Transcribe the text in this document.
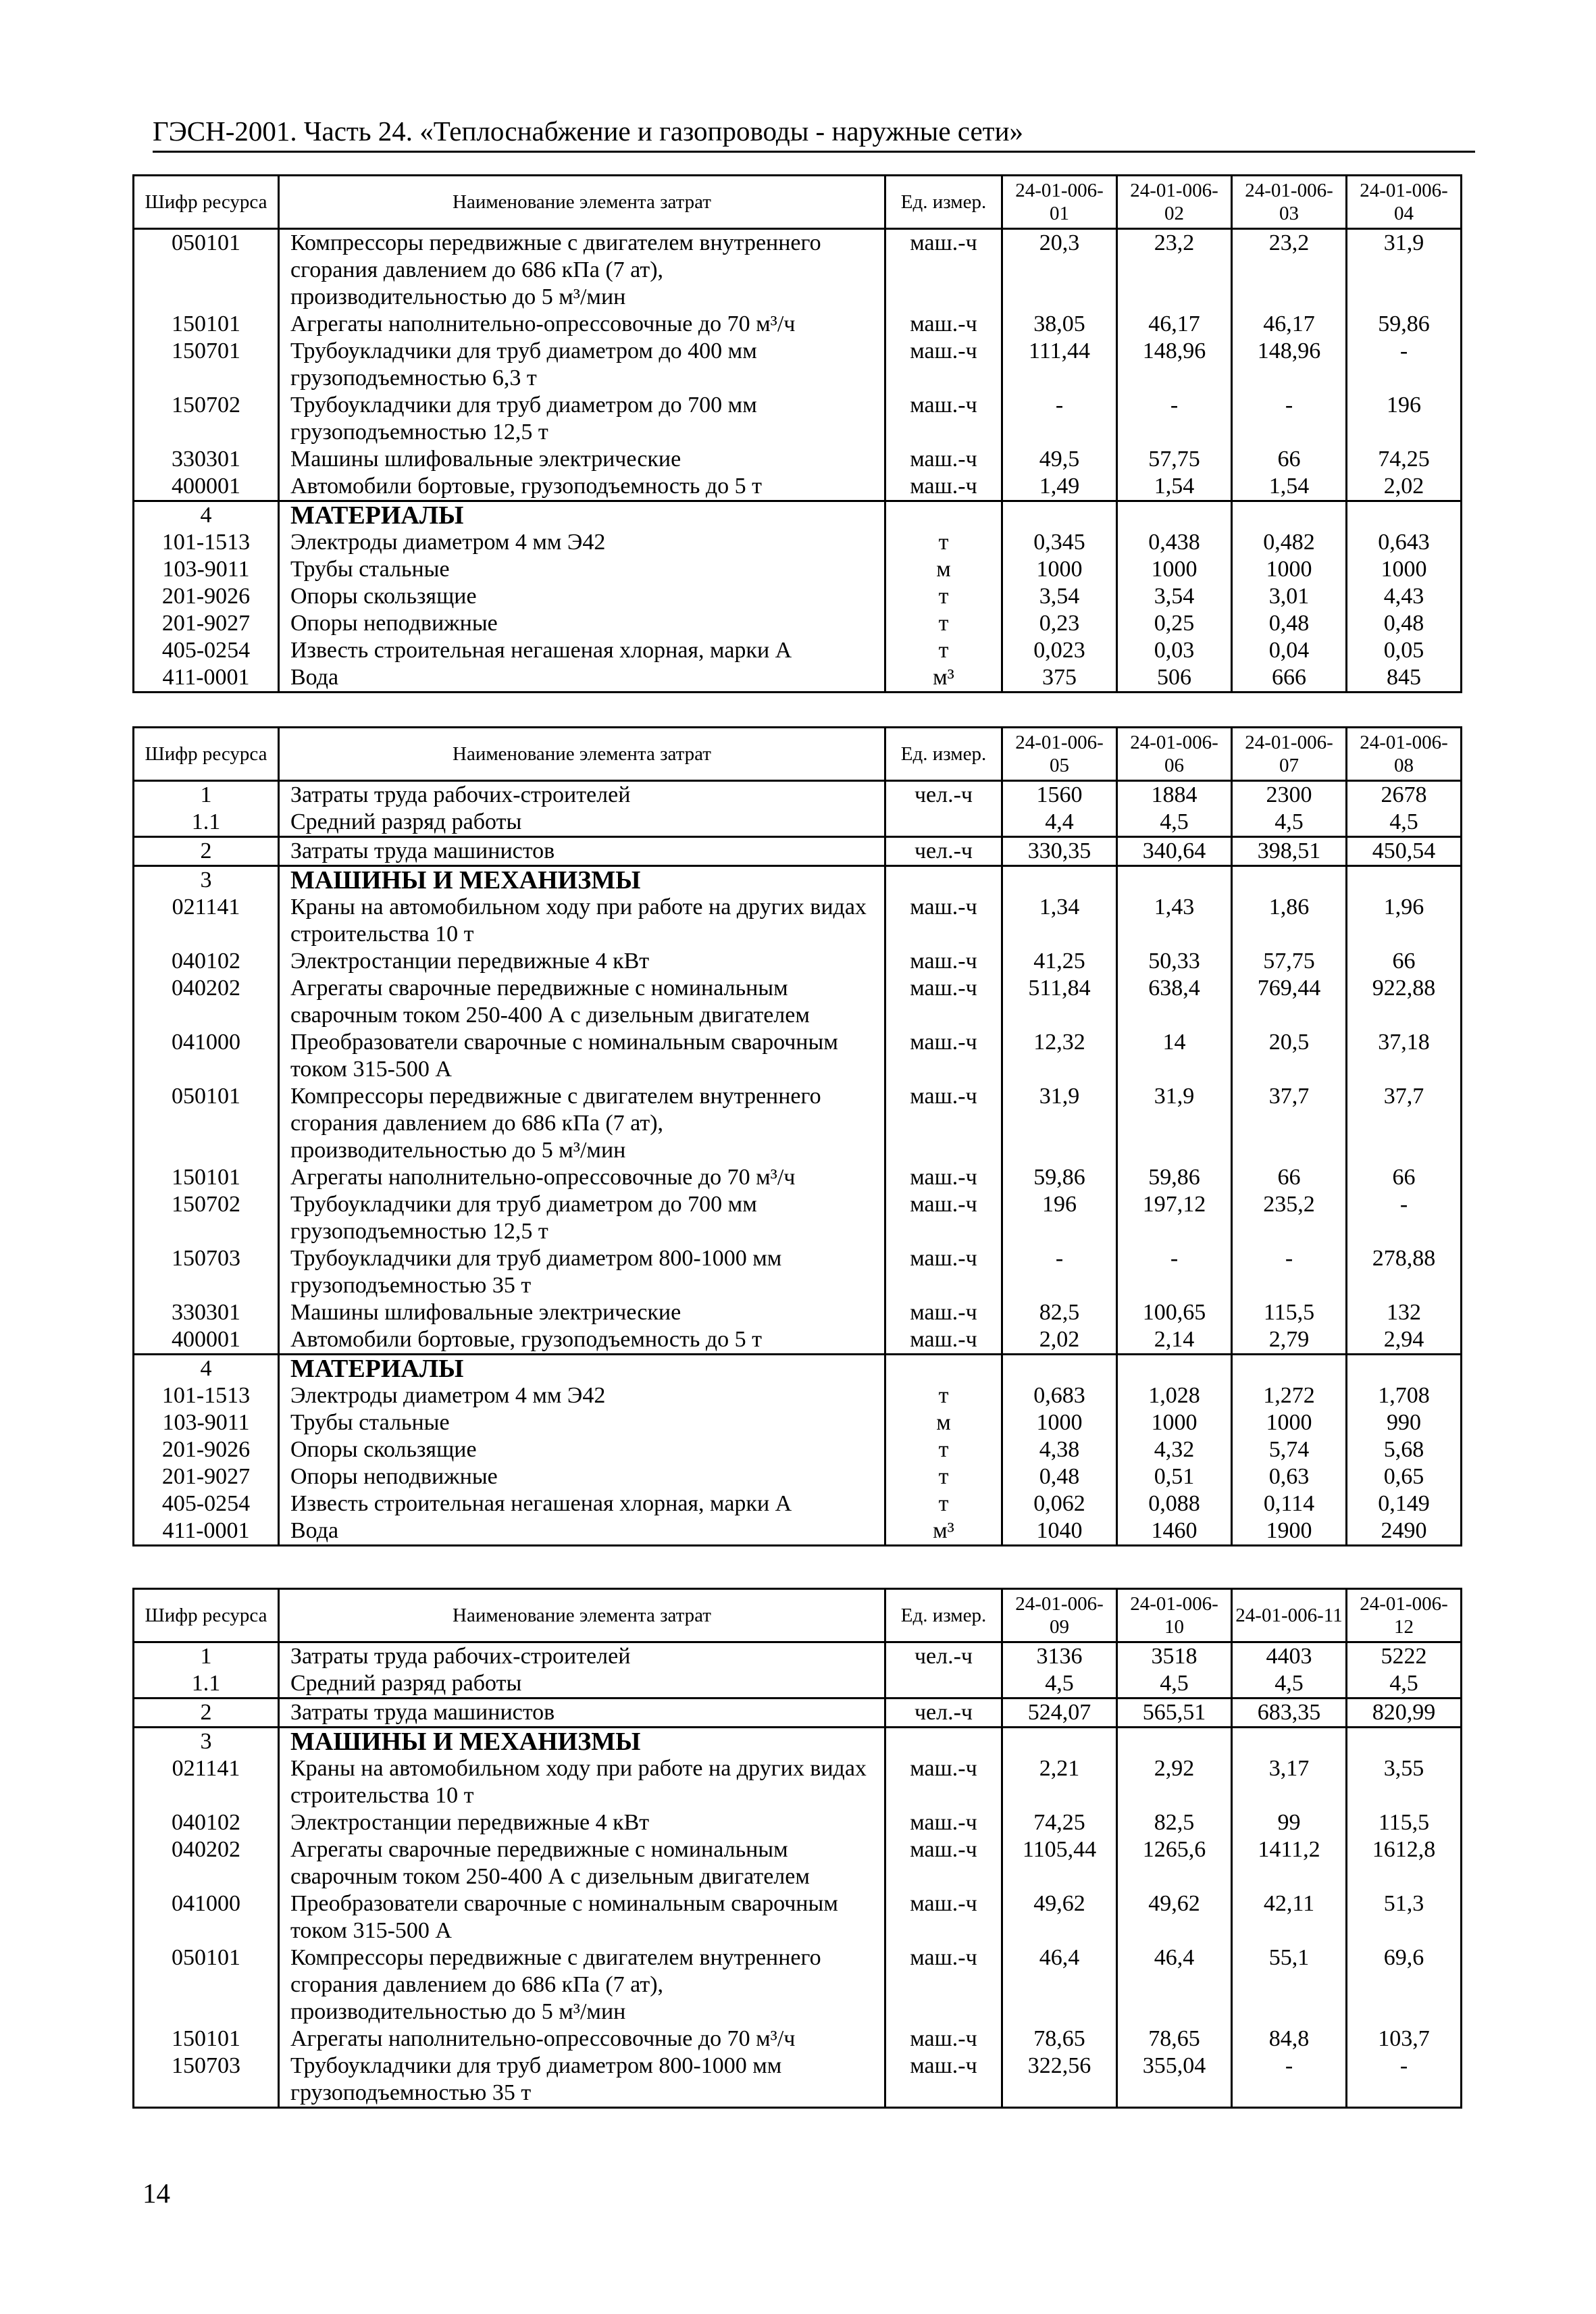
ГЭСН-2001. Часть 24. «Теплоснабжение и газопроводы - наружные сети»
Шифр ресурса	Наименование элемента затрат	Ед. измер.	24-01-006-01	24-01-006-02	24-01-006-03	24-01-006-04
050101	Компрессоры передвижные с двигателем внутреннего сгорания давлением до 686 кПа (7 ат), производительностью до 5 м³/мин	маш.-ч	20,3	23,2	23,2	31,9
150101	Агрегаты наполнительно-опрессовочные до 70 м³/ч	маш.-ч	38,05	46,17	46,17	59,86
150701	Трубоукладчики для труб диаметром до 400 мм грузоподъемностью 6,3 т	маш.-ч	111,44	148,96	148,96	-
150702	Трубоукладчики для труб диаметром до 700 мм грузоподъемностью 12,5 т	маш.-ч	-	-	-	196
330301	Машины шлифовальные электрические	маш.-ч	49,5	57,75	66	74,25
400001	Автомобили бортовые, грузоподъемность до 5 т	маш.-ч	1,49	1,54	1,54	2,02
4	МАТЕРИАЛЫ					
101-1513	Электроды диаметром 4 мм Э42	т	0,345	0,438	0,482	0,643
103-9011	Трубы стальные	м	1000	1000	1000	1000
201-9026	Опоры скользящие	т	3,54	3,54	3,01	4,43
201-9027	Опоры неподвижные	т	0,23	0,25	0,48	0,48
405-0254	Известь строительная негашеная хлорная, марки А	т	0,023	0,03	0,04	0,05
411-0001	Вода	м³	375	506	666	845
Шифр ресурса	Наименование элемента затрат	Ед. измер.	24-01-006-05	24-01-006-06	24-01-006-07	24-01-006-08
1	Затраты труда рабочих-строителей	чел.-ч	1560	1884	2300	2678
1.1	Средний разряд работы		4,4	4,5	4,5	4,5
2	Затраты труда машинистов	чел.-ч	330,35	340,64	398,51	450,54
3	МАШИНЫ И МЕХАНИЗМЫ					
021141	Краны на автомобильном ходу при работе на других видах строительства 10 т	маш.-ч	1,34	1,43	1,86	1,96
040102	Электростанции передвижные 4 кВт	маш.-ч	41,25	50,33	57,75	66
040202	Агрегаты сварочные передвижные с номинальным сварочным током 250-400 А с дизельным двигателем	маш.-ч	511,84	638,4	769,44	922,88
041000	Преобразователи сварочные с номинальным сварочным током 315-500 А	маш.-ч	12,32	14	20,5	37,18
050101	Компрессоры передвижные с двигателем внутреннего сгорания давлением до 686 кПа (7 ат), производительностью до 5 м³/мин	маш.-ч	31,9	31,9	37,7	37,7
150101	Агрегаты наполнительно-опрессовочные до 70 м³/ч	маш.-ч	59,86	59,86	66	66
150702	Трубоукладчики для труб диаметром до 700 мм грузоподъемностью 12,5 т	маш.-ч	196	197,12	235,2	-
150703	Трубоукладчики для труб диаметром 800-1000 мм грузоподъемностью 35 т	маш.-ч	-	-	-	278,88
330301	Машины шлифовальные электрические	маш.-ч	82,5	100,65	115,5	132
400001	Автомобили бортовые, грузоподъемность до 5 т	маш.-ч	2,02	2,14	2,79	2,94
4	МАТЕРИАЛЫ					
101-1513	Электроды диаметром 4 мм Э42	т	0,683	1,028	1,272	1,708
103-9011	Трубы стальные	м	1000	1000	1000	990
201-9026	Опоры скользящие	т	4,38	4,32	5,74	5,68
201-9027	Опоры неподвижные	т	0,48	0,51	0,63	0,65
405-0254	Известь строительная негашеная хлорная, марки А	т	0,062	0,088	0,114	0,149
411-0001	Вода	м³	1040	1460	1900	2490
Шифр ресурса	Наименование элемента затрат	Ед. измер.	24-01-006-09	24-01-006-10	24-01-006-11	24-01-006-12
1	Затраты труда рабочих-строителей	чел.-ч	3136	3518	4403	5222
1.1	Средний разряд работы		4,5	4,5	4,5	4,5
2	Затраты труда машинистов	чел.-ч	524,07	565,51	683,35	820,99
3	МАШИНЫ И МЕХАНИЗМЫ					
021141	Краны на автомобильном ходу при работе на других видах строительства 10 т	маш.-ч	2,21	2,92	3,17	3,55
040102	Электростанции передвижные 4 кВт	маш.-ч	74,25	82,5	99	115,5
040202	Агрегаты сварочные передвижные с номинальным сварочным током 250-400 А с дизельным двигателем	маш.-ч	1105,44	1265,6	1411,2	1612,8
041000	Преобразователи сварочные с номинальным сварочным током 315-500 А	маш.-ч	49,62	49,62	42,11	51,3
050101	Компрессоры передвижные с двигателем внутреннего сгорания давлением до 686 кПа (7 ат), производительностью до 5 м³/мин	маш.-ч	46,4	46,4	55,1	69,6
150101	Агрегаты наполнительно-опрессовочные до 70 м³/ч	маш.-ч	78,65	78,65	84,8	103,7
150703	Трубоукладчики для труб диаметром 800-1000 мм грузоподъемностью 35 т	маш.-ч	322,56	355,04	-	-
14
